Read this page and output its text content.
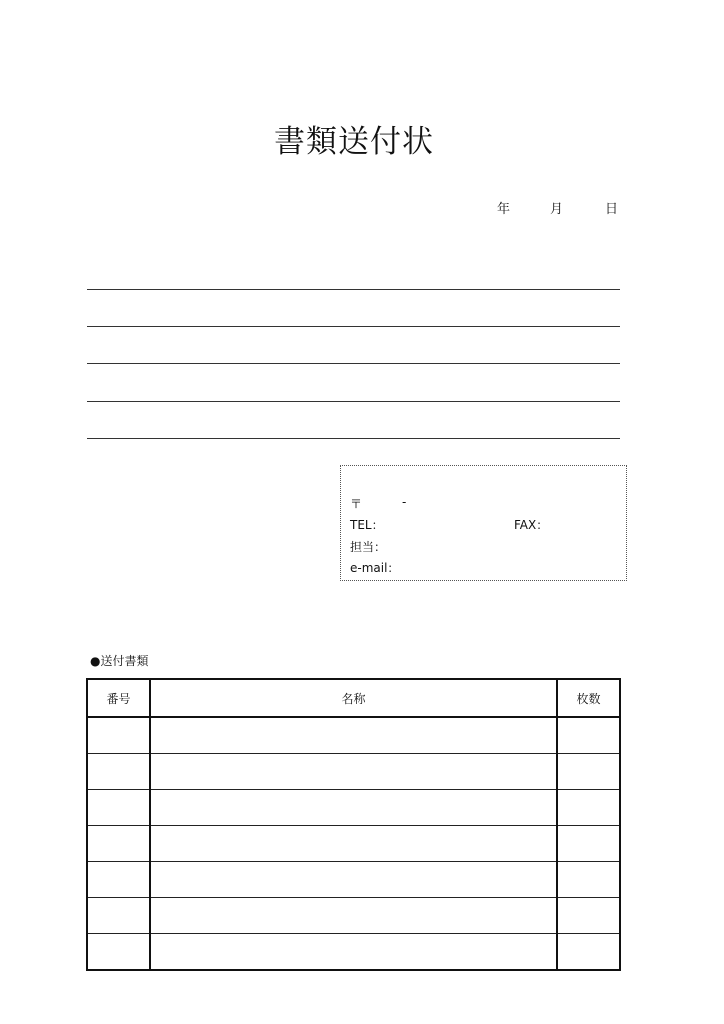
書類送付状
年	月	日
〒	-
TEL：	FAX：
担当：
e-mail：
●送付書類
番号	名称	枚数
